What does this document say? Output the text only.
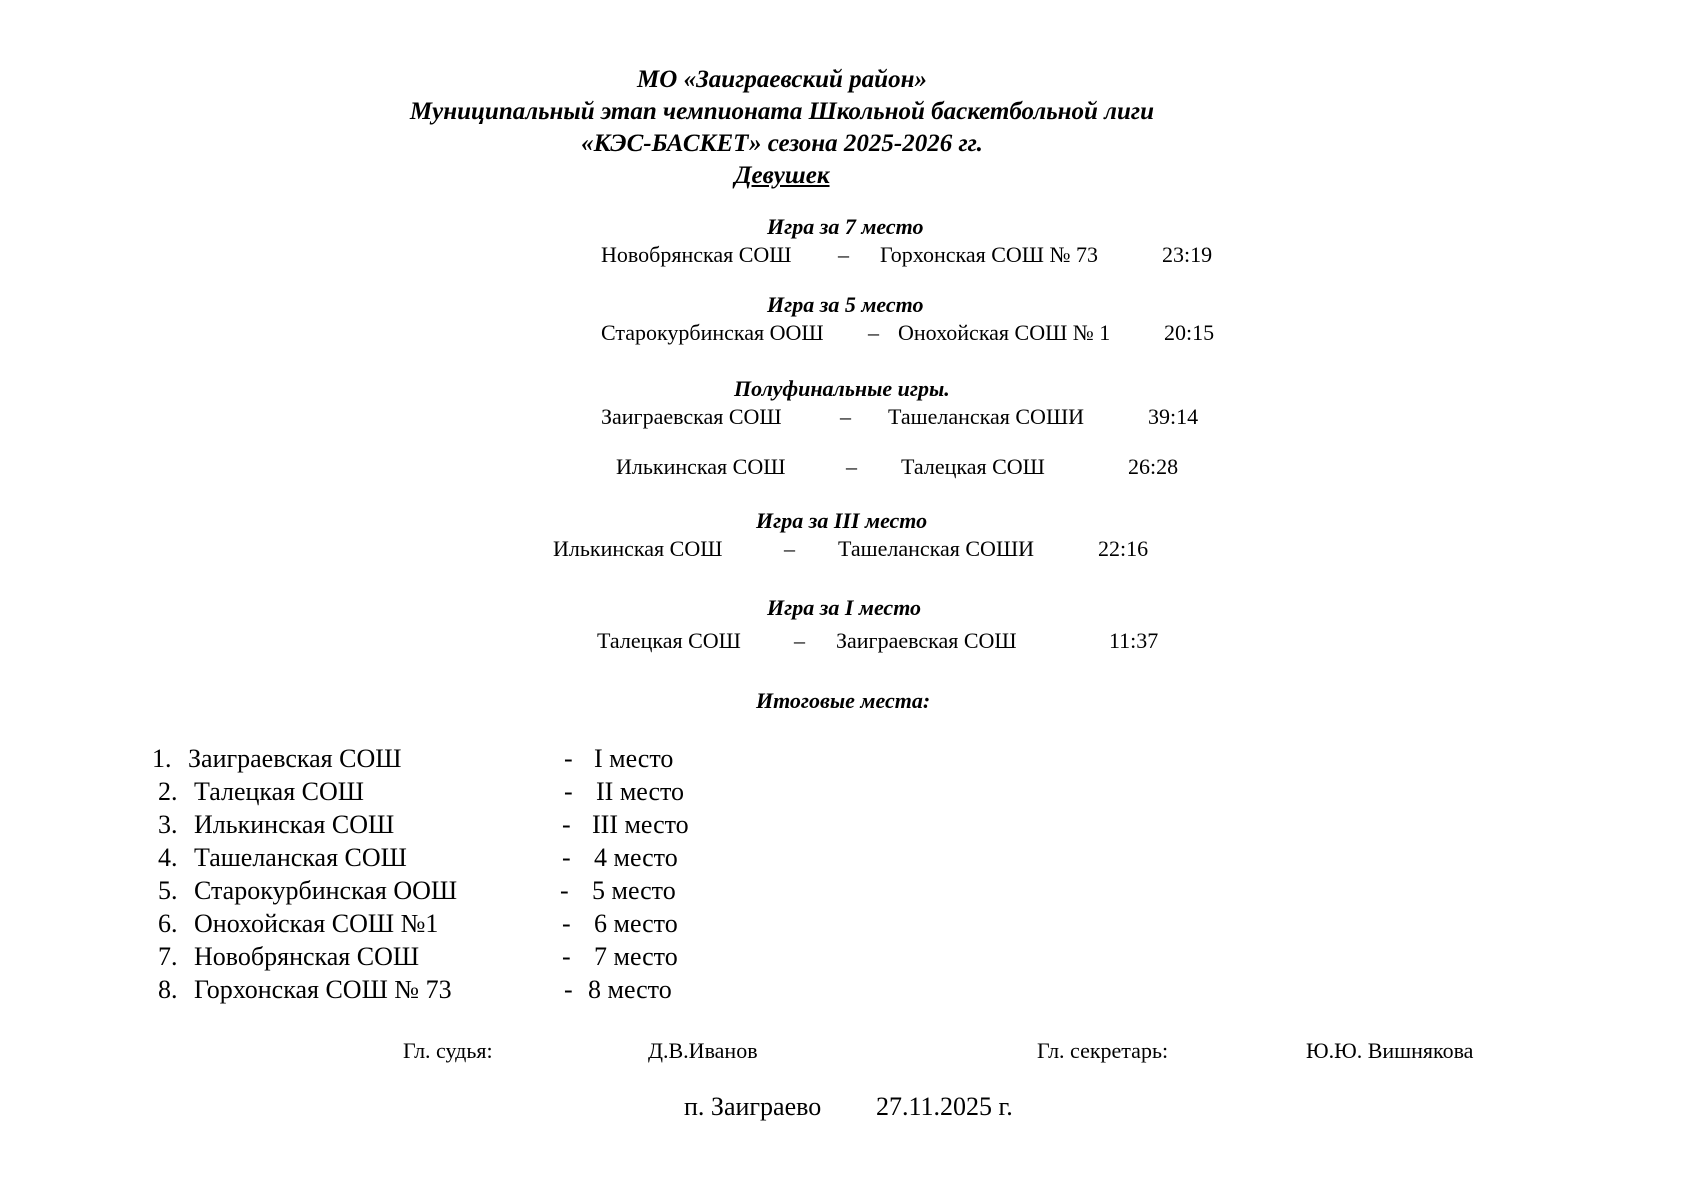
МО «Заиграевский район»
Муниципальный этап чемпионата Школьной баскетбольной лиги
«КЭС-БАСКЕТ» сезона 2025-2026 гг.
Девушек
Игра за 7 место
Новобрянская СОШ – Горхонская СОШ № 73	23:19
Игра за 5 место
Старокурбинская ООШ – Онохойская СОШ № 1 20:15
Полуфинальные игры.
Заиграевская СОШ	– Ташеланская СОШИ	39:14
Илькинская СОШ	– Талецкая СОШ	26:28
Игра за III место
Илькинская СОШ	– Ташеланская СОШИ	22:16
Игра за I место
Талецкая СОШ – Заиграевская СОШ	11:37
Итоговые места:
1. Заиграевская СОШ	- I место
2. Талецкая СОШ	- II место
3. Илькинская СОШ	- III место
4. Ташеланская СОШ	- 4 место
5. Старокурбинская ООШ	- 5 место
6. Онохойская СОШ №1	- 6 место
7. Новобрянская СОШ	- 7 место
8. Горхонская СОШ № 73	- 8 место
Гл. судья:	Д.В.Иванов	Гл. секретарь:	Ю.Ю. Вишнякова
п. Заиграево 27.11.2025 г.
